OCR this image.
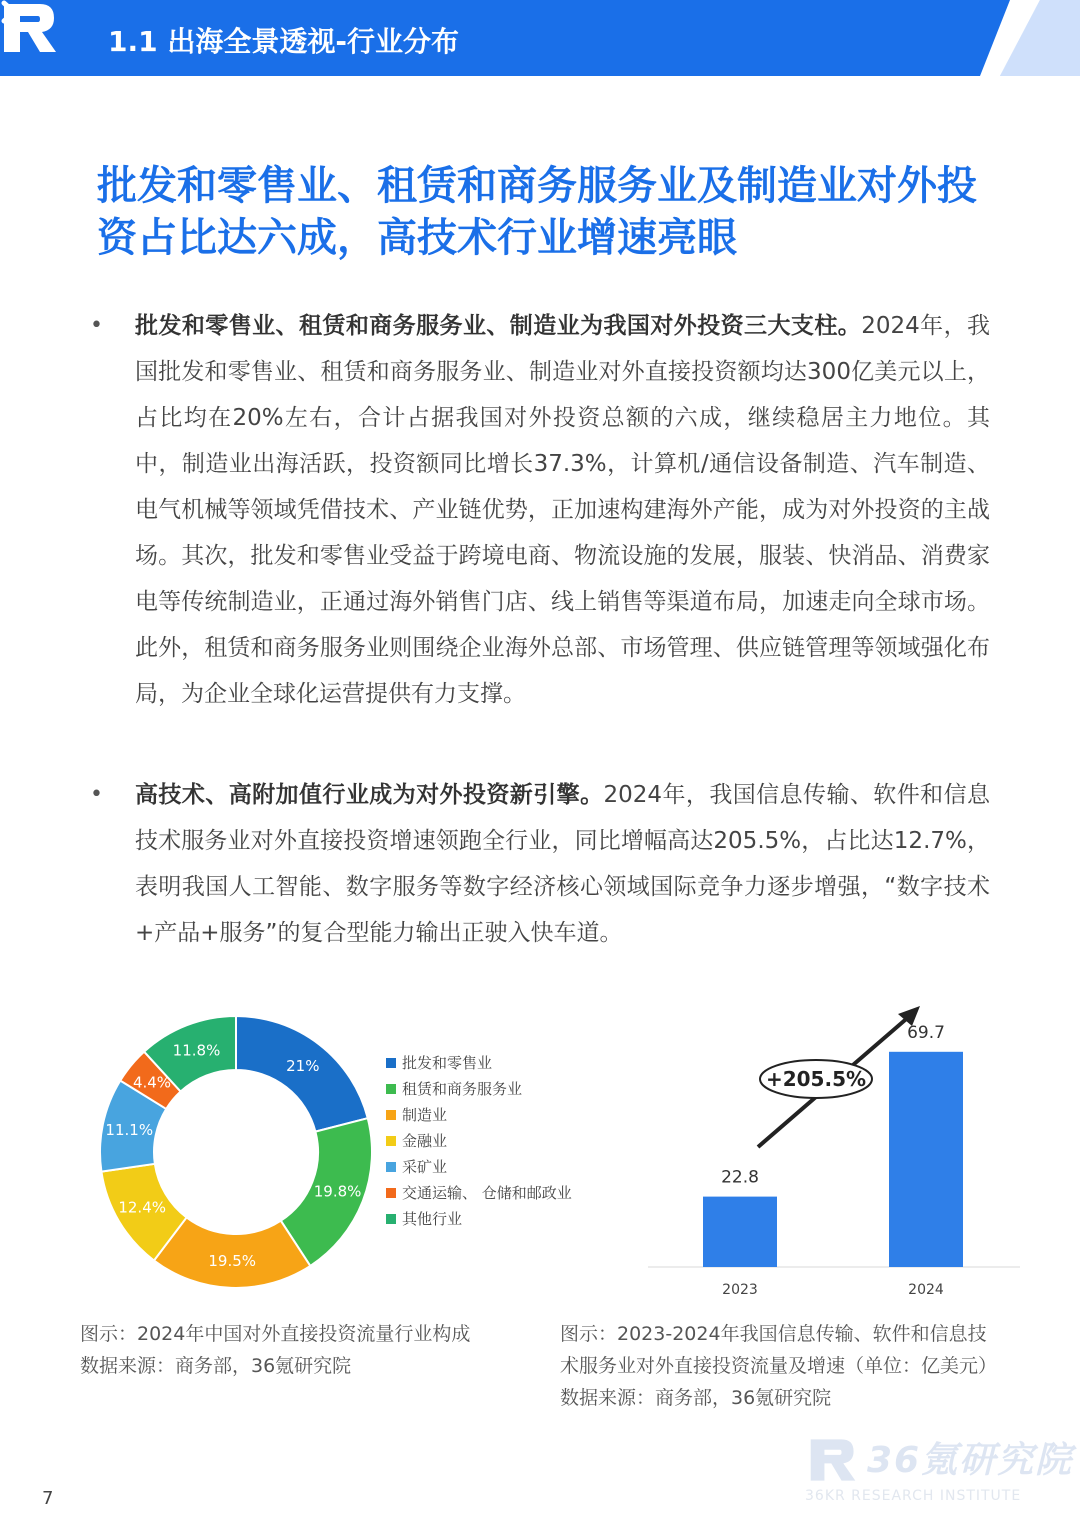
1.1 出海全景透视-行业分布
批发和零售业、租赁和商务服务业及制造业对外投资占比达六成，高技术行业增速亮眼
• 批发和零售业、租赁和商务服务业、制造业为我国对外投资三大支柱。2024年，我国批发和零售业、租赁和商务服务业、制造业对外直接投资额均达300亿美元以上，占比均在20%左右，合计占据我国对外投资总额的六成，继续稳居主力地位。其中，制造业出海活跃，投资额同比增长37.3%，计算机/通信设备制造、汽车制造、 电气机械等领域凭借技术、产业链优势，正加速构建海外产能，成为对外投资的主战场。其次，批发和零售业受益于跨境电商、物流设施的发展，服装、快消品、消费家电等传统制造业，正通过海外销售门店、线上销售等渠道布局，加速走向全球市场。此外，租赁和商务服务业则围绕企业海外总部、市场管理、供应链管理等领域强化布局，为企业全球化运营提供有力支撑。
• 高技术、高附加值行业成为对外投资新引擎。2024年，我国信息传输、软件和信息技术服务业对外直接投资增速领跑全行业，同比增幅高达205.5%，占比达12.7%，表明我国人工智能、数字服务等数字经济核心领域国际竞争力逐步增强，“数字技术+产品+服务”的复合型能力输出正驶入快车道。
21%
19.8%
19.5%
12.4%
11.1%
4.4%
11.8%
批发和零售业
租赁和商务服务业
制造业
金融业
采矿业
交通运输、 仓储和邮政业
其他行业
22.8
2023
69.7
2024
+205.5%
图示：2024年中国对外直接投资流量行业构成
数据来源：商务部，36氪研究院
图示：2023-2024年我国信息传输、软件和信息技
术服务业对外直接投资流量及增速（单位：亿美元）
数据来源：商务部，36氪研究院
36氪研究院
36KR RESEARCH INSTITUTE
7
